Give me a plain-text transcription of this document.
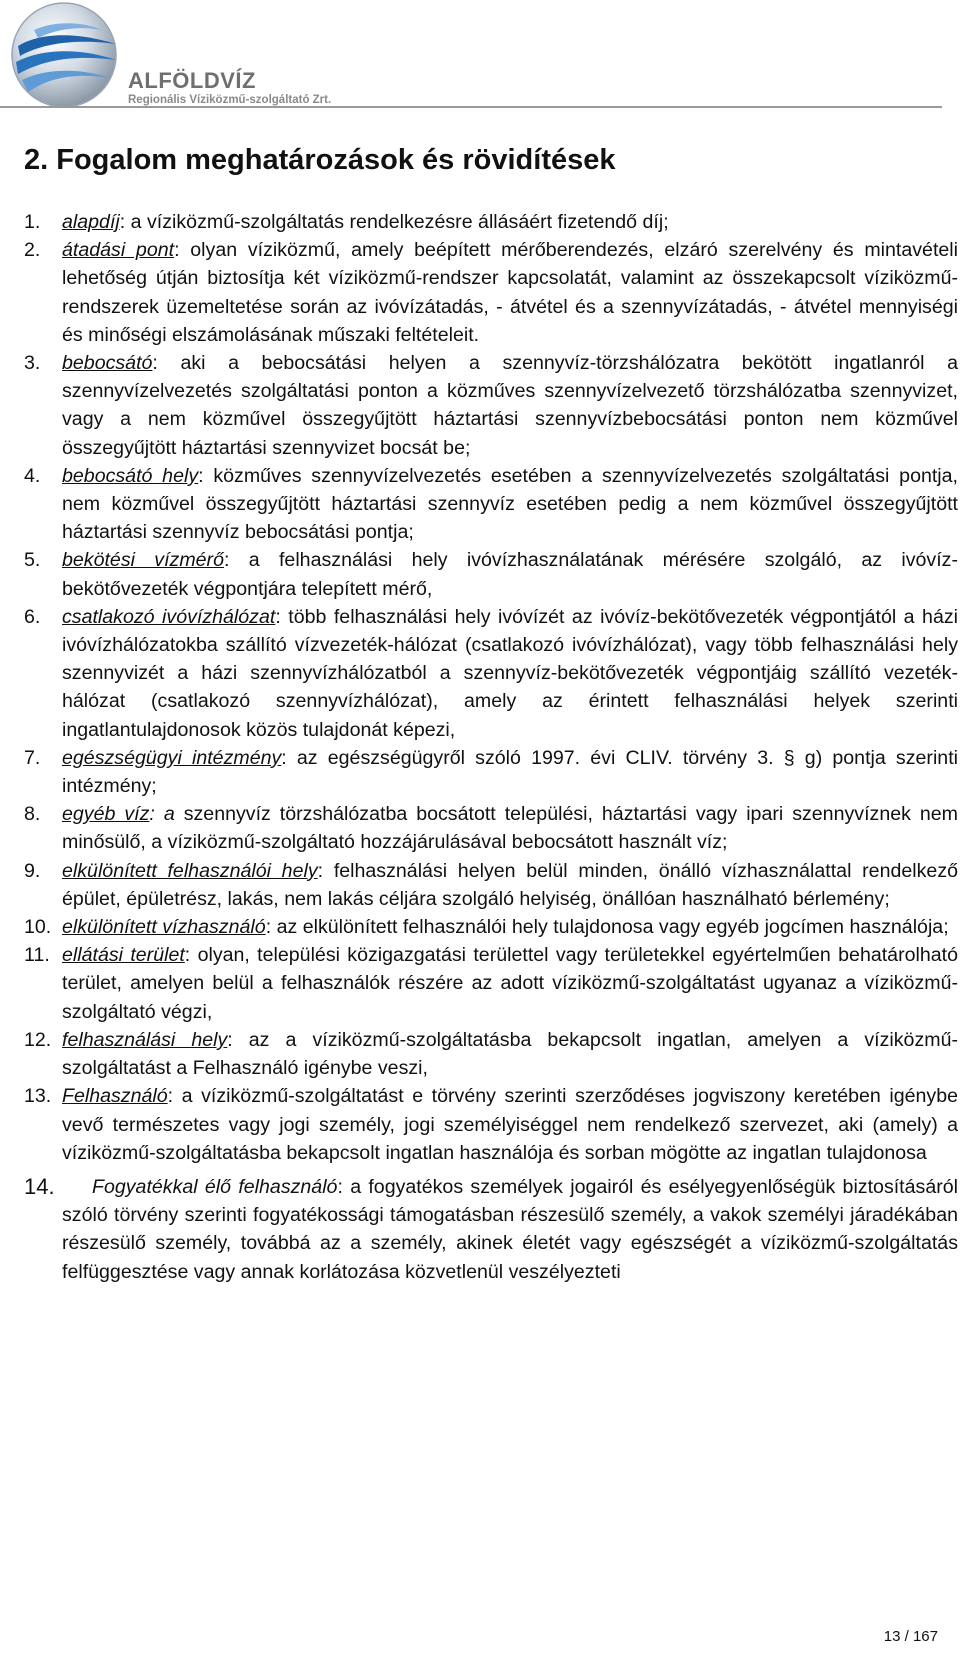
ALFÖLDVÍZ
Regionális Víziközmű-szolgáltató Zrt.
2. Fogalom meghatározások és rövidítések
1.	alapdíj: a víziközmű-szolgáltatás rendelkezésre állásáért fizetendő díj;
2.	átadási pont: olyan víziközmű, amely beépített mérőberendezés, elzáró szerelvény és mintavételi lehetőség útján biztosítja két víziközmű-rendszer kapcsolatát, valamint az összekapcsolt víziközmű-rendszerek üzemeltetése során az ivóvízátadás, - átvétel és a szennyvízátadás, - átvétel mennyiségi és minőségi elszámolásának műszaki feltételeit.
3.	bebocsátó: aki a bebocsátási helyen a szennyvíz-törzshálózatra bekötött ingatlanról a szennyvízelvezetés szolgáltatási ponton a közműves szennyvízelvezető törzshálózatba szennyvizet, vagy a nem közművel összegyűjtött háztartási szennyvízbebocsátási ponton nem közművel összegyűjtött háztartási szennyvizet bocsát be;
4.	bebocsátó hely: közműves szennyvízelvezetés esetében a szennyvízelvezetés szolgáltatási pontja, nem közművel összegyűjtött háztartási szennyvíz esetében pedig a nem közművel összegyűjtött háztartási szennyvíz bebocsátási pontja;
5.	bekötési vízmérő: a felhasználási hely ivóvízhasználatának mérésére szolgáló, az ivóvíz-bekötővezeték végpontjára telepített mérő,
6.	csatlakozó ivóvízhálózat: több felhasználási hely ivóvízét az ivóvíz-bekötővezeték végpontjától a házi ivóvízhálózatokba szállító vízvezeték-hálózat (csatlakozó ivóvízhálózat), vagy több felhasználási hely szennyvizét a házi szennyvízhálózatból a szennyvíz-bekötővezeték végpontjáig szállító vezeték-hálózat (csatlakozó szennyvízhálózat), amely az érintett felhasználási helyek szerinti ingatlantulajdonosok közös tulajdonát képezi,
7.	egészségügyi intézmény: az egészségügyről szóló 1997. évi CLIV. törvény 3. § g) pontja szerinti intézmény;
8.	egyéb víz: a szennyvíz törzshálózatba bocsátott települési, háztartási vagy ipari szennyvíznek nem minősülő, a víziközmű-szolgáltató hozzájárulásával bebocsátott használt víz;
9.	elkülönített felhasználói hely: felhasználási helyen belül minden, önálló vízhasználattal rendelkező épület, épületrész, lakás, nem lakás céljára szolgáló helyiség, önállóan használható bérlemény;
10. elkülönített vízhasználó: az elkülönített felhasználói hely tulajdonosa vagy egyéb jogcímen használója;
11. ellátási terület: olyan, települési közigazgatási területtel vagy területekkel egyértelműen behatárolható terület, amelyen belül a felhasználók részére az adott víziközmű-szolgáltatást ugyanaz a víziközmű-szolgáltató végzi,
12. felhasználási hely: az a víziközmű-szolgáltatásba bekapcsolt ingatlan, amelyen a víziközmű-szolgáltatást a Felhasználó igénybe veszi,
13. Felhasználó: a víziközmű-szolgáltatást e törvény szerinti szerződéses jogviszony keretében igénybe vevő természetes vagy jogi személy, jogi személyiséggel nem rendelkező szervezet, aki (amely) a víziközmű-szolgáltatásba bekapcsolt ingatlan használója és sorban mögötte az ingatlan tulajdonosa
14.	Fogyatékkal élő felhasználó: a fogyatékos személyek jogairól és esélyegyenlőségük biztosításáról szóló törvény szerinti fogyatékossági támogatásban részesülő személy, a vakok személyi járadékában részesülő személy, továbbá az a személy, akinek életét vagy egészségét a víziközmű-szolgáltatás felfüggesztése vagy annak korlátozása közvetlenül veszélyezteti
13 / 167
